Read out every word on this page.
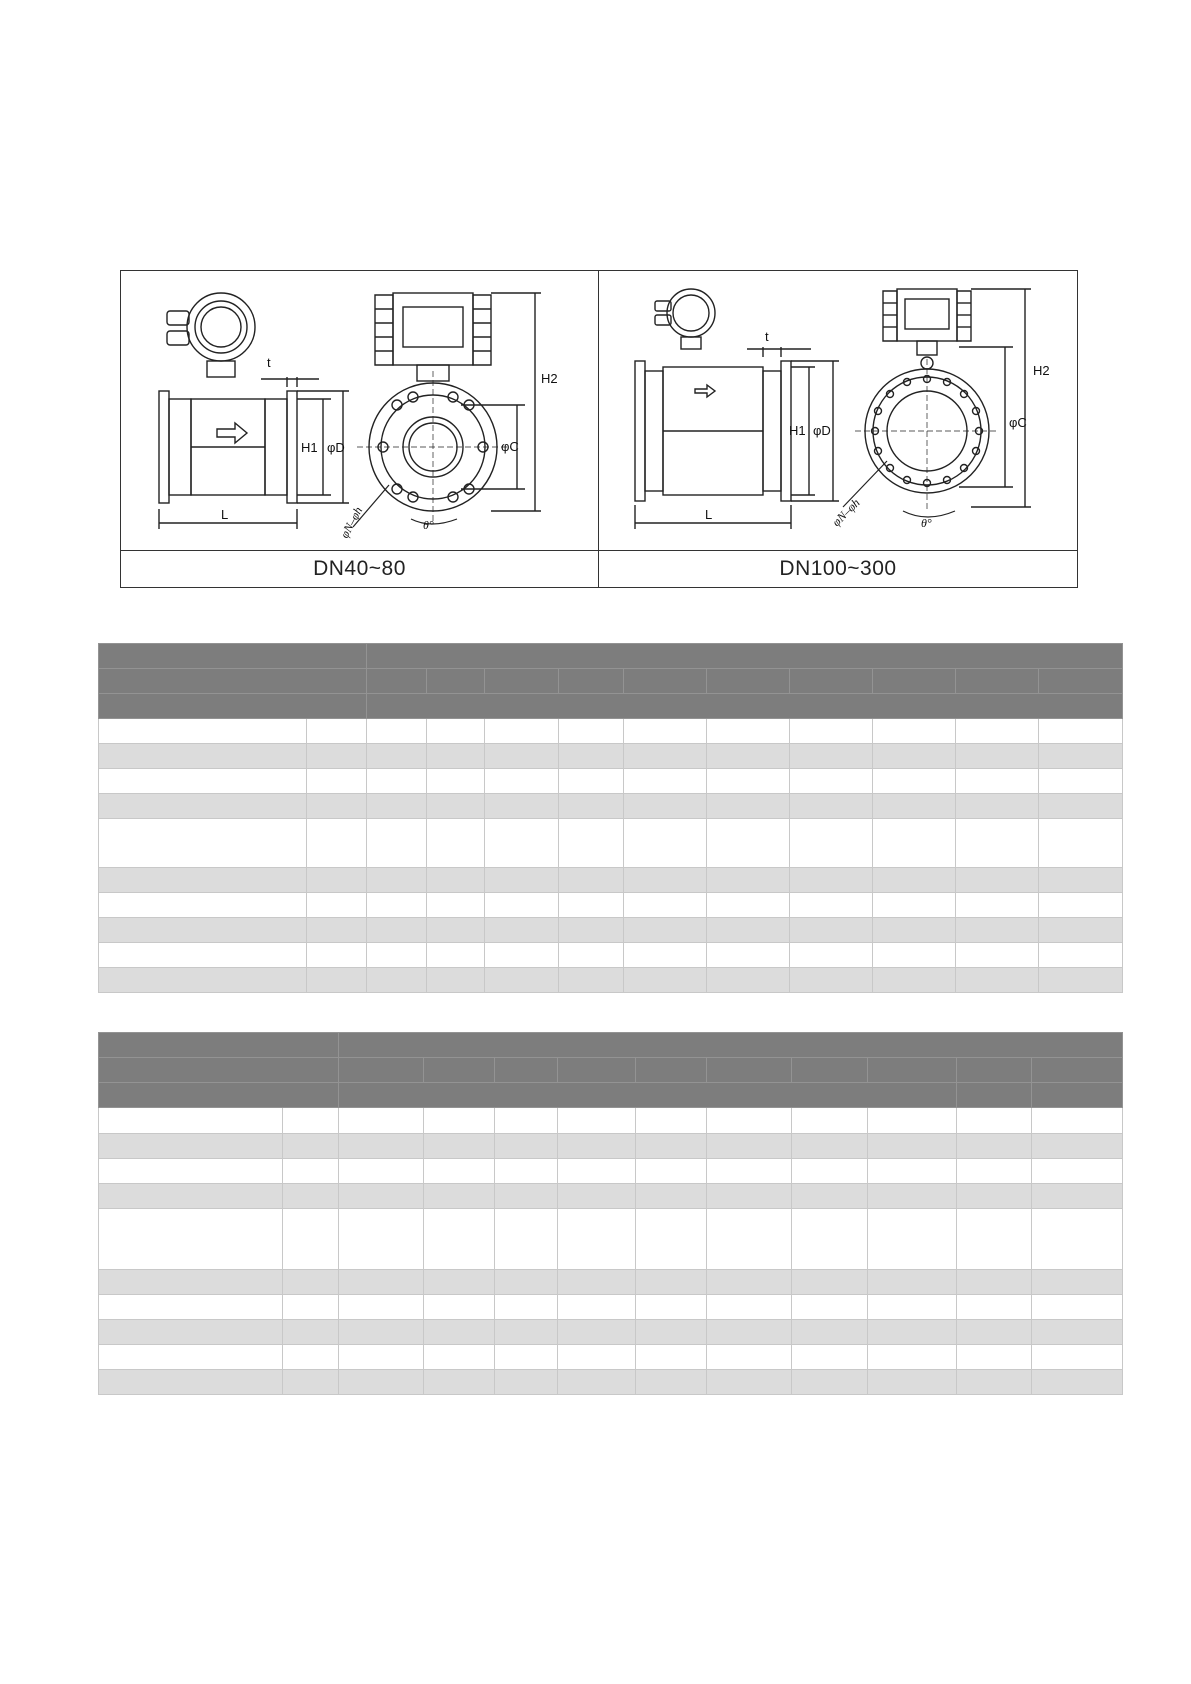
t
H1 φD
L
H2
φC
φN–φh	θ°
DN40~80
t
H1 φD
L
H2
φC
φN–φh	θ°
DN100~300
